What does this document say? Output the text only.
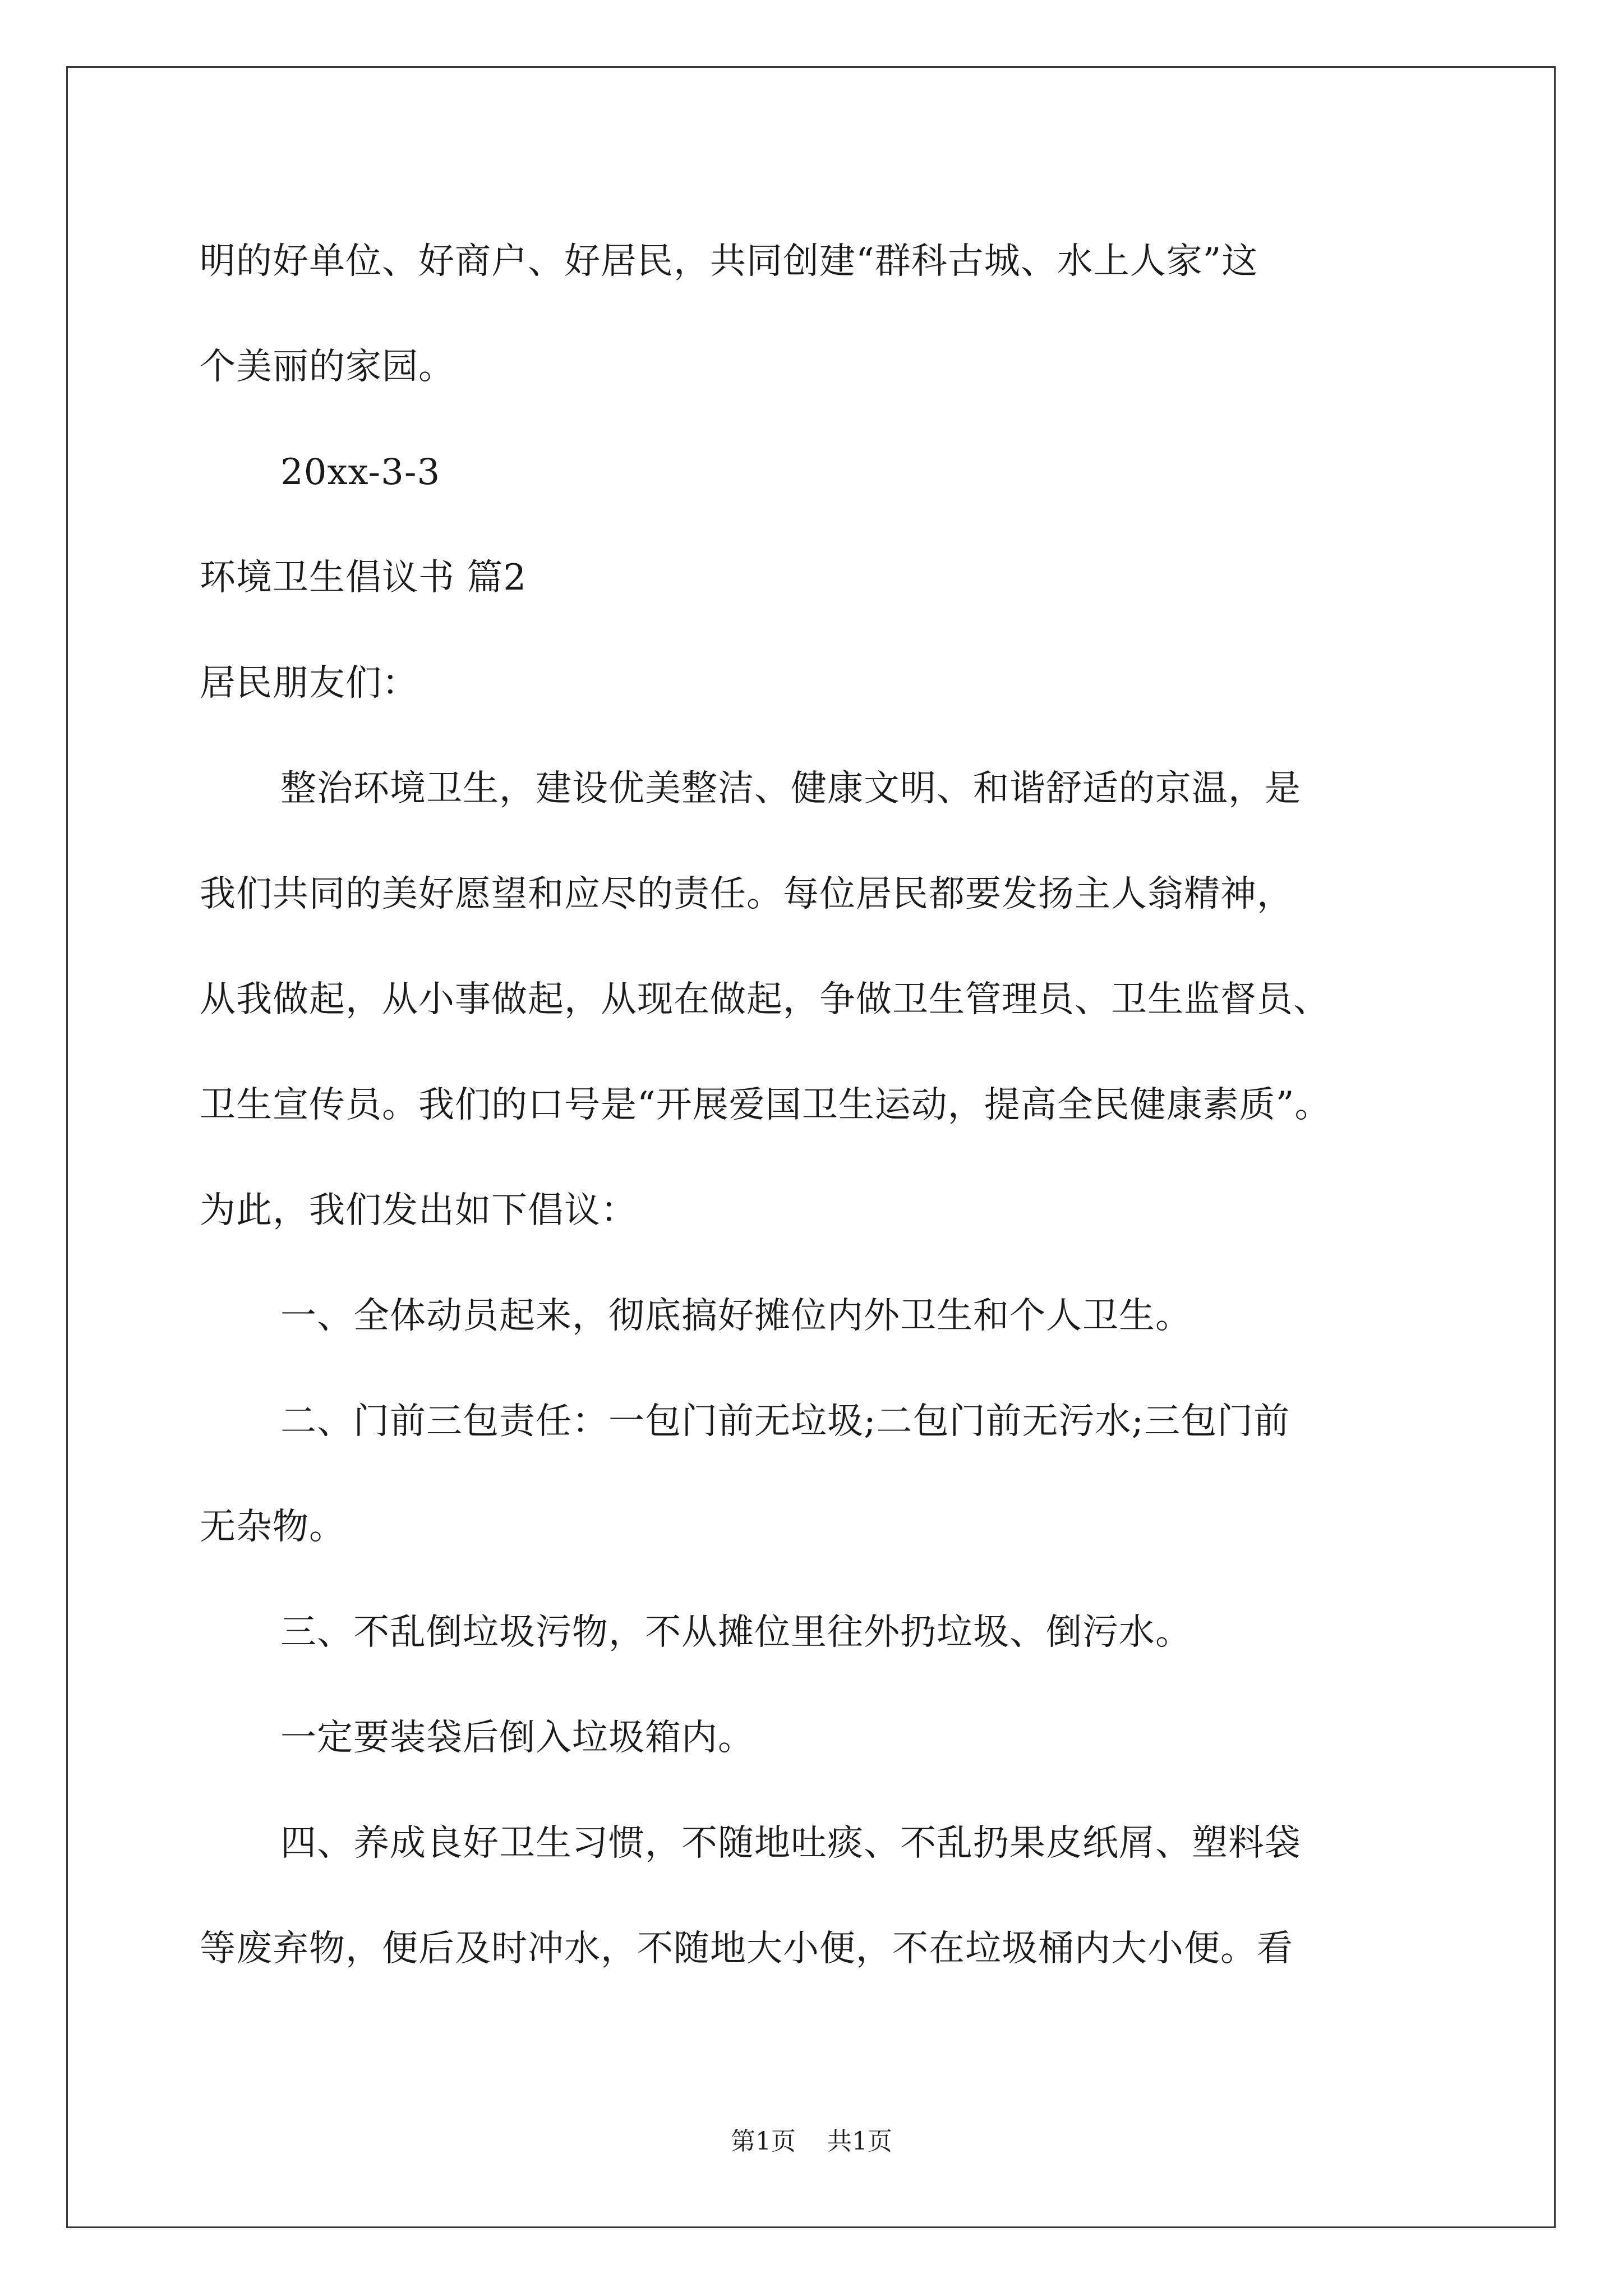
明的好单位、好商户、好居民，共同创建“群科古城、水上人家”这
个美丽的家园。
20xx-3-3
环境卫生倡议书 篇2
居民朋友们：
整治环境卫生，建设优美整洁、健康文明、和谐舒适的京温，是
我们共同的美好愿望和应尽的责任。每位居民都要发扬主人翁精神，
从我做起，从小事做起，从现在做起，争做卫生管理员、卫生监督员、
卫生宣传员。我们的口号是“开展爱国卫生运动，提高全民健康素质”。
为此，我们发出如下倡议：
一、全体动员起来，彻底搞好摊位内外卫生和个人卫生。
二、门前三包责任：一包门前无垃圾;二包门前无污水;三包门前
无杂物。
三、不乱倒垃圾污物，不从摊位里往外扔垃圾、倒污水。
一定要装袋后倒入垃圾箱内。
四、养成良好卫生习惯，不随地吐痰、不乱扔果皮纸屑、塑料袋
等废弃物，便后及时冲水，不随地大小便，不在垃圾桶内大小便。看
第1页 共1页
